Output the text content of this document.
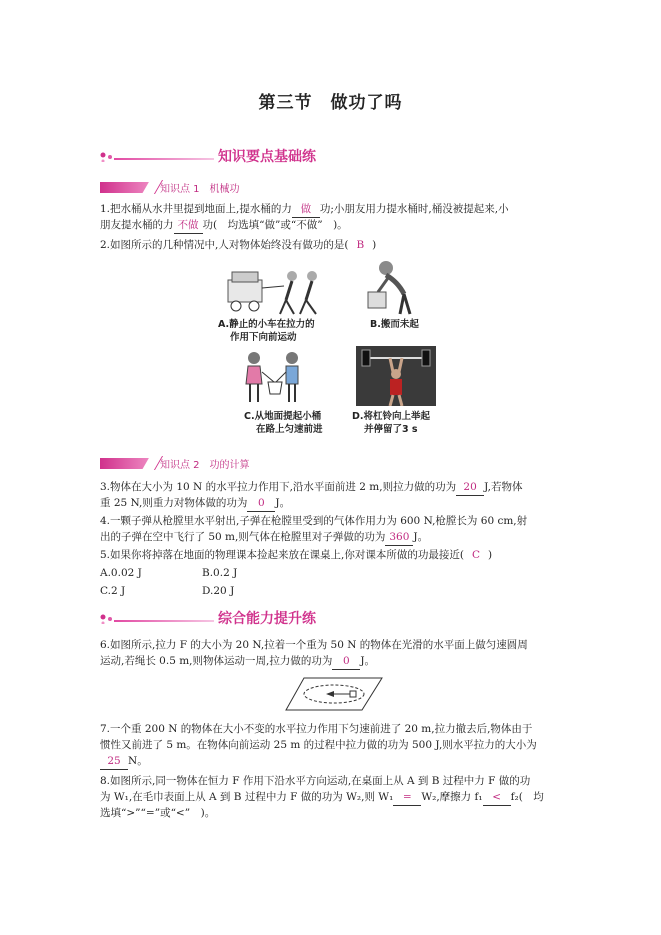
第三节　做功了吗
知识要点基础练
知识点 1　机械功
1.把水桶从水井里提到地面上,提水桶的力 做 功;小朋友用力提水桶时,桶没被提起来,小
朋友提水桶的力 不做 功(　均选填“做”或“不做”　)。
2.如图所示的几种情况中,人对物体始终没有做功的是( B )
A.静止的小车在拉力的
作用下向前运动
B.搬而未起
C.从地面提起小桶
在路上匀速前进
D.将杠铃向上举起
并停留了3 s
知识点 2　功的计算
3.物体在大小为 10 N 的水平拉力作用下,沿水平面前进 2 m,则拉力做的功为 20 J,若物体
重 25 N,则重力对物体做的功为 0 J。
4.一颗子弹从枪膛里水平射出,子弹在枪膛里受到的气体作用力为 600 N,枪膛长为 60 cm,射
出的子弹在空中飞行了 50 m,则气体在枪膛里对子弹做的功为 360 J。
5.如果你将掉落在地面的物理课本捡起来放在课桌上,你对课本所做的功最接近( C )
A.0.02 J	B.0.2 J
C.2 J	D.20 J
综合能力提升练
6.如图所示,拉力 F 的大小为 20 N,拉着一个重为 50 N 的物体在光滑的水平面上做匀速圆周
运动,若绳长 0.5 m,则物体运动一周,拉力做的功为 0 J。
7.一个重 200 N 的物体在大小不变的水平拉力作用下匀速前进了 20 m,拉力撤去后,物体由于
惯性又前进了 5 m。在物体向前运动 25 m 的过程中拉力做的功为 500 J,则水平拉力的大小为
25 N。
8.如图所示,同一物体在恒力 F 作用下沿水平方向运动,在桌面上从 A 到 B 过程中力 F 做的功
为 W₁,在毛巾表面上从 A 到 B 过程中力 F 做的功为 W₂,则 W₁ = W₂,摩擦力 f₁ < f₂(　均
选填“>”“=”或“<”　)。
